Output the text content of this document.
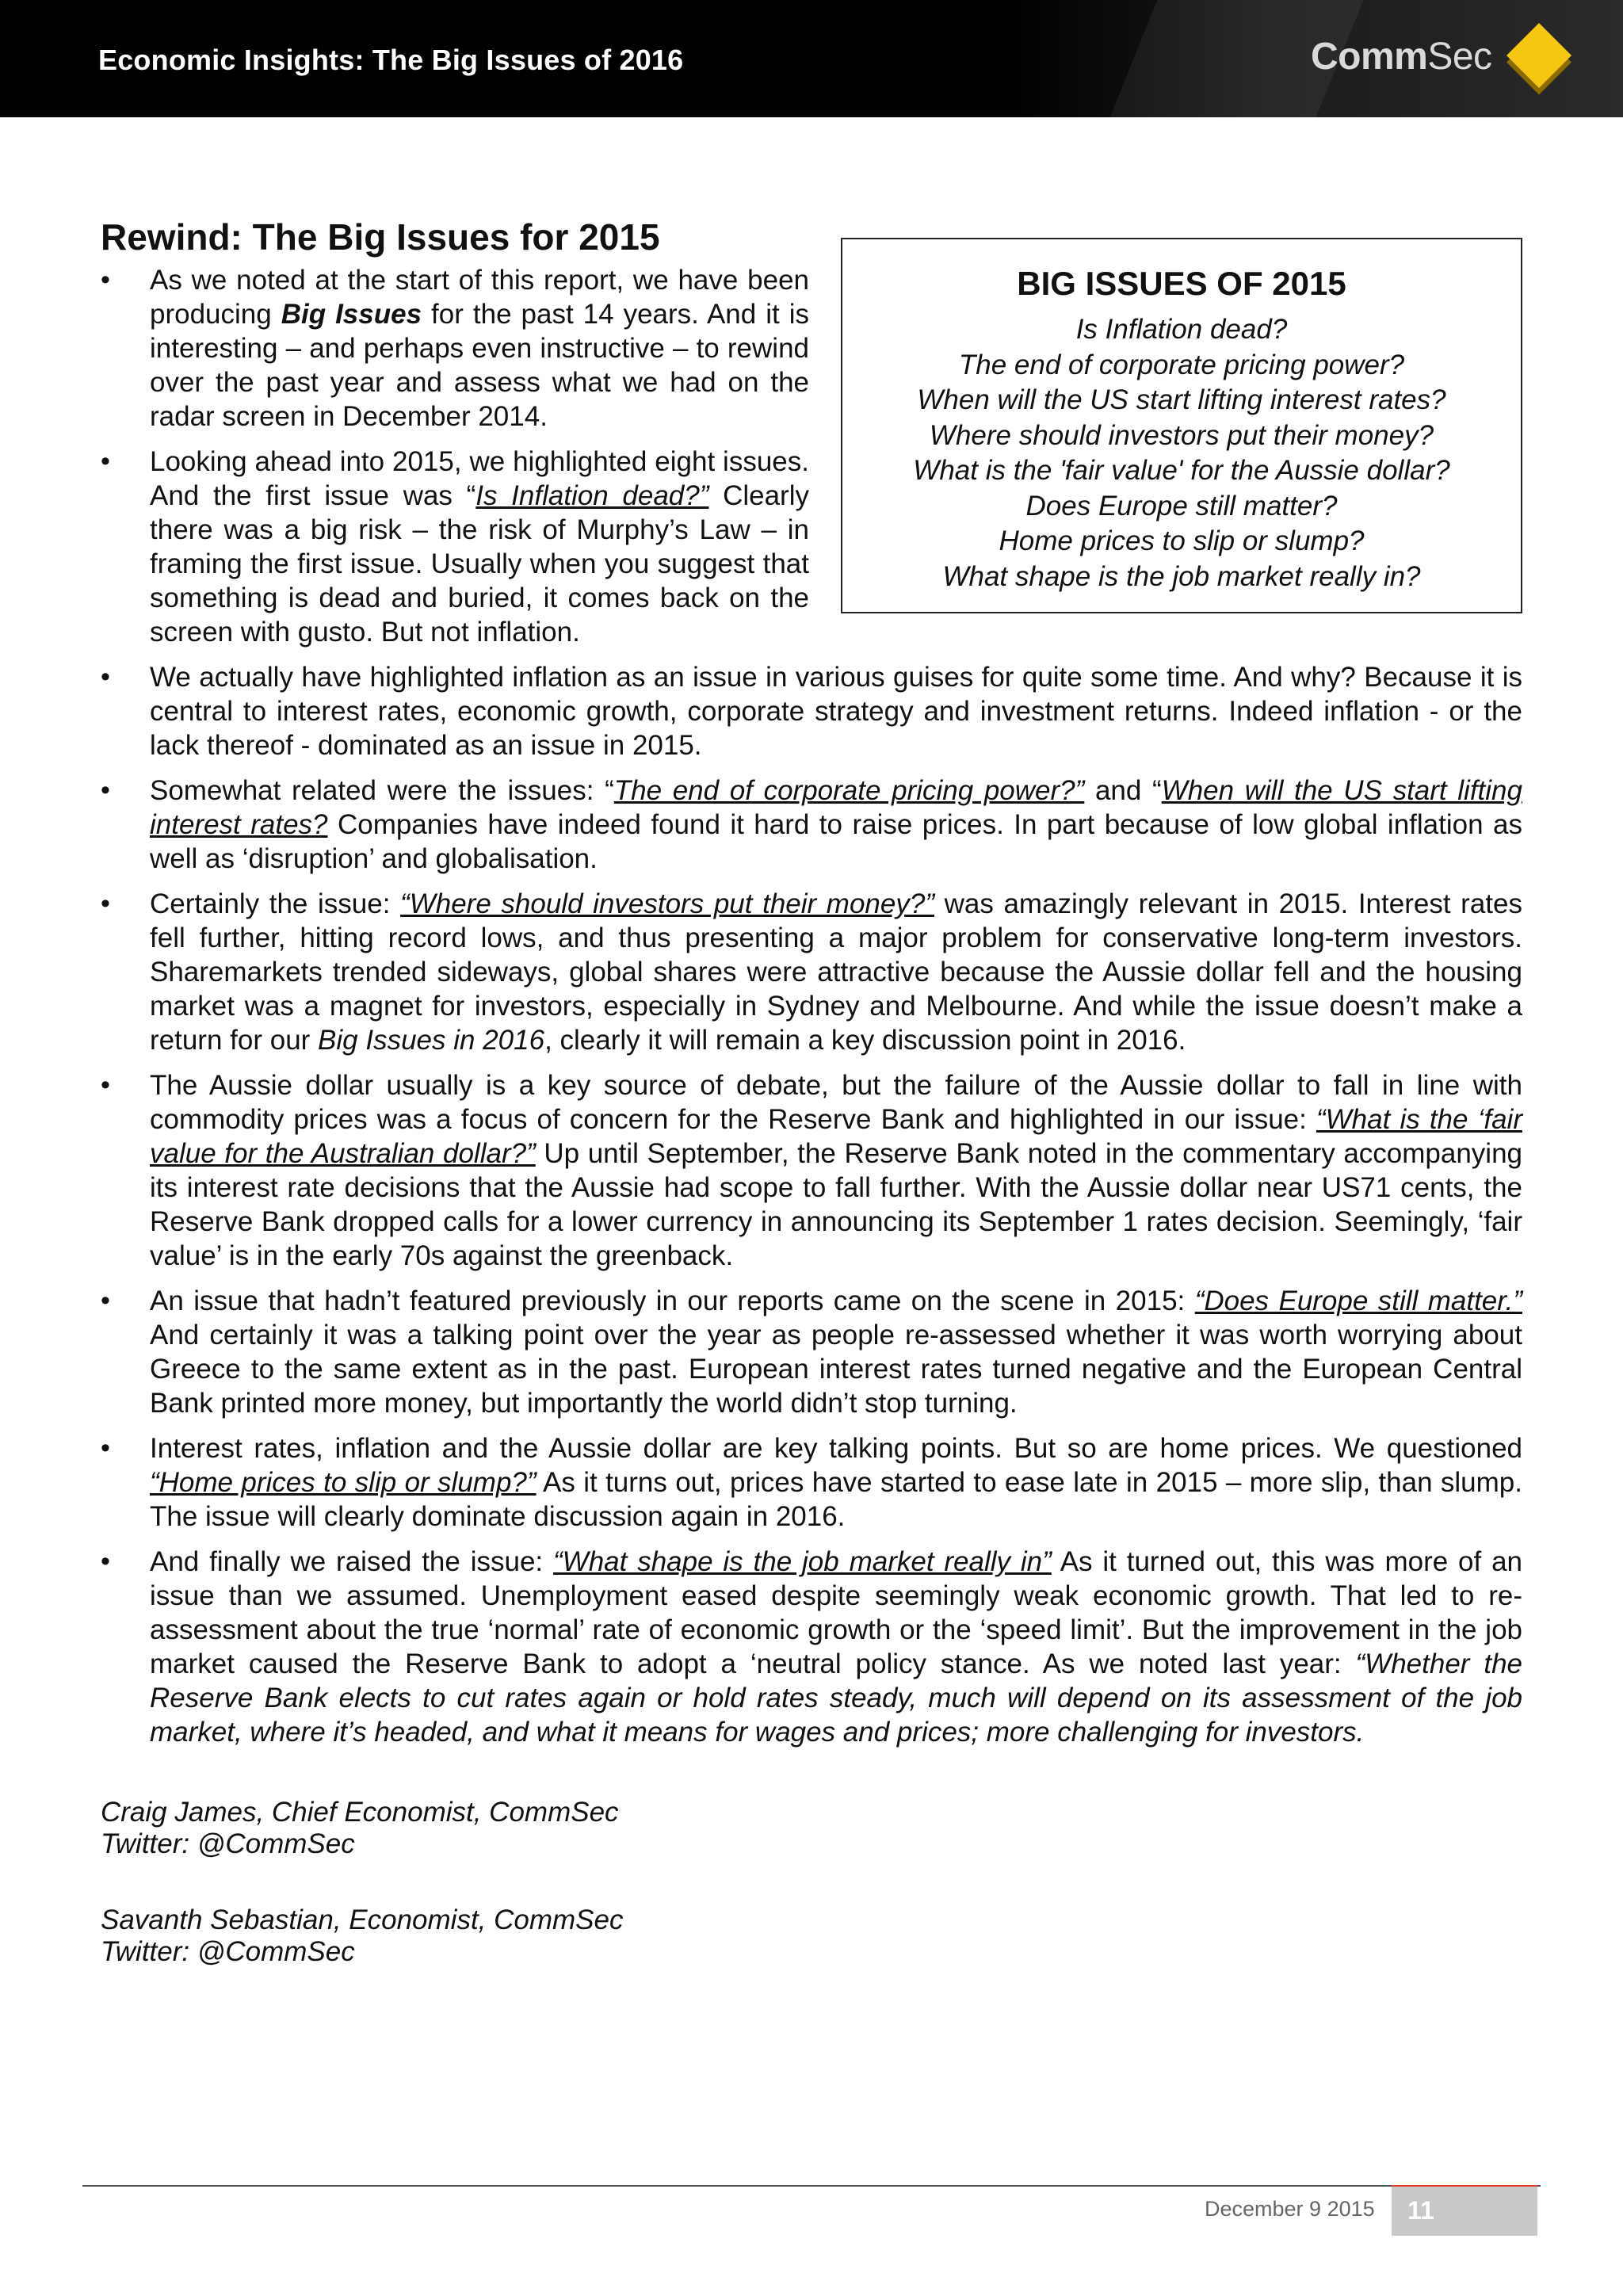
Economic Insights: The Big Issues of 2016	CommSec
Rewind: The Big Issues for 2015
BIG ISSUES OF 2015
Is Inflation dead?
The end of corporate pricing power?
When will the US start lifting interest rates?
Where should investors put their money?
What is the 'fair value' for the Aussie dollar?
Does Europe still matter?
Home prices to slip or slump?
What shape is the job market really in?
• As we noted at the start of this report, we have been producing Big Issues for the past 14 years. And it is interesting – and perhaps even instructive – to rewind over the past year and assess what we had on the radar screen in December 2014.
• Looking ahead into 2015, we highlighted eight issues. And the first issue was “Is Inflation dead?” Clearly there was a big risk – the risk of Murphy’s Law – in framing the first issue. Usually when you suggest that something is dead and buried, it comes back on the screen with gusto. But not inflation.
• We actually have highlighted inflation as an issue in various guises for quite some time. And why? Because it is central to interest rates, economic growth, corporate strategy and investment returns. Indeed inflation - or the lack thereof - dominated as an issue in 2015.
• Somewhat related were the issues: “The end of corporate pricing power?” and “When will the US start lifting interest rates? Companies have indeed found it hard to raise prices. In part because of low global inflation as well as ‘disruption’ and globalisation.
• Certainly the issue: “Where should investors put their money?” was amazingly relevant in 2015. Interest rates fell further, hitting record lows, and thus presenting a major problem for conservative long-term investors. Sharemarkets trended sideways, global shares were attractive because the Aussie dollar fell and the housing market was a magnet for investors, especially in Sydney and Melbourne. And while the issue doesn’t make a return for our Big Issues in 2016, clearly it will remain a key discussion point in 2016.
• The Aussie dollar usually is a key source of debate, but the failure of the Aussie dollar to fall in line with commodity prices was a focus of concern for the Reserve Bank and highlighted in our issue: “What is the ‘fair value for the Australian dollar?” Up until September, the Reserve Bank noted in the commentary accompanying its interest rate decisions that the Aussie had scope to fall further. With the Aussie dollar near US71 cents, the Reserve Bank dropped calls for a lower currency in announcing its September 1 rates decision. Seemingly, ‘fair value’ is in the early 70s against the greenback.
• An issue that hadn’t featured previously in our reports came on the scene in 2015: “Does Europe still matter.” And certainly it was a talking point over the year as people re-assessed whether it was worth worrying about Greece to the same extent as in the past. European interest rates turned negative and the European Central Bank printed more money, but importantly the world didn’t stop turning.
• Interest rates, inflation and the Aussie dollar are key talking points. But so are home prices. We questioned “Home prices to slip or slump?” As it turns out, prices have started to ease late in 2015 – more slip, than slump. The issue will clearly dominate discussion again in 2016.
• And finally we raised the issue: “What shape is the job market really in” As it turned out, this was more of an issue than we assumed. Unemployment eased despite seemingly weak economic growth. That led to re-assessment about the true ‘normal’ rate of economic growth or the ‘speed limit’. But the improvement in the job market caused the Reserve Bank to adopt a ‘neutral policy stance. As we noted last year: “Whether the Reserve Bank elects to cut rates again or hold rates steady, much will depend on its assessment of the job market, where it’s headed, and what it means for wages and prices; more challenging for investors.

Craig James, Chief Economist, CommSec
Twitter: @CommSec

Savanth Sebastian, Economist, CommSec
Twitter: @CommSec

December 9 2015 11
